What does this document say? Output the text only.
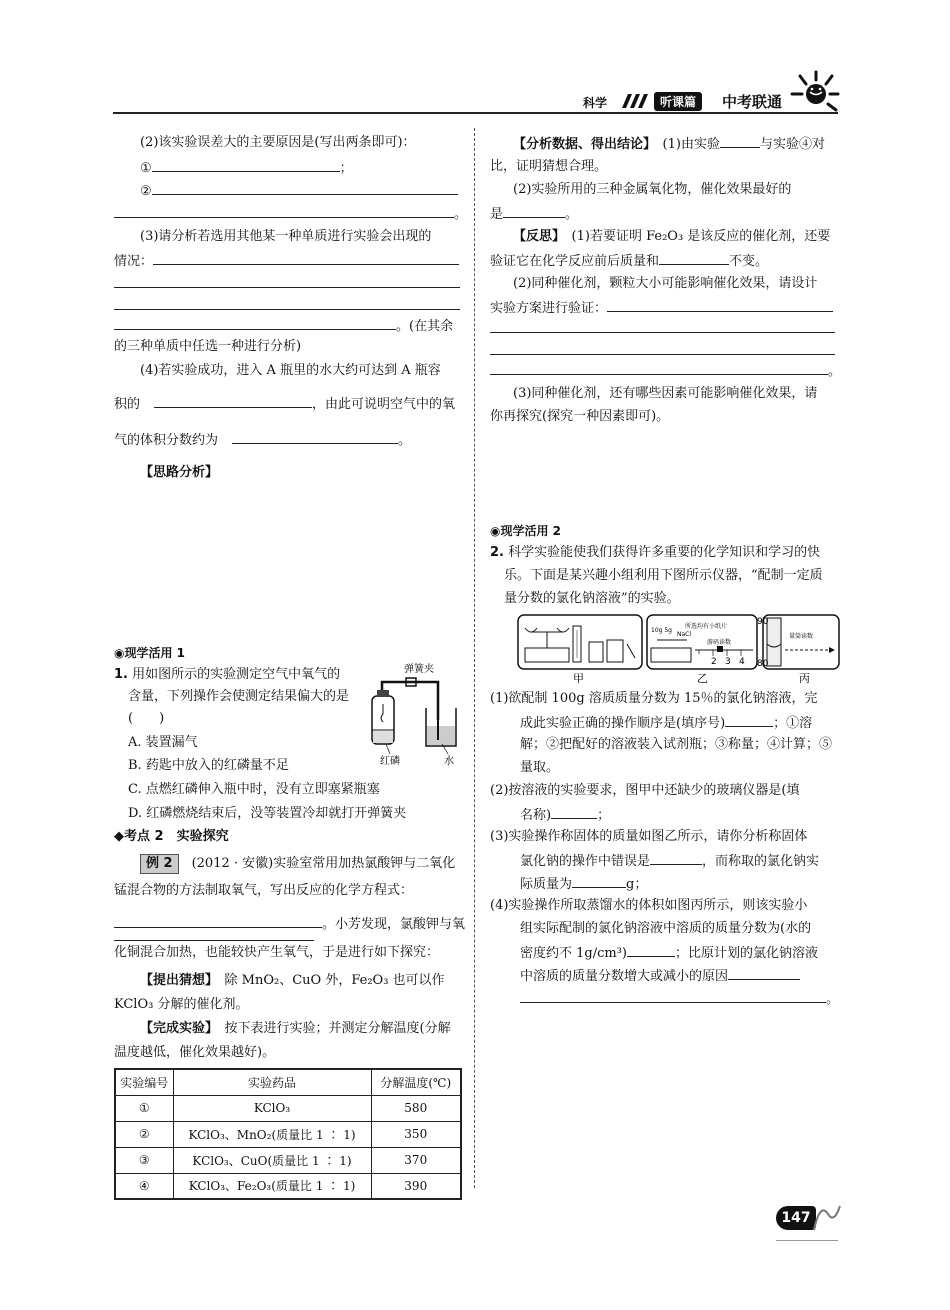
科学	听课篇	中考联通
(2)该实验误差大的主要原因是(写出两条即可)：
①	；
②
。
(3)请分析若选用其他某一种单质进行实验会出现的
情况：
。(在其余
的三种单质中任选一种进行分析)
(4)若实验成功，进入 A 瓶里的水大约可达到 A 瓶容
积的	，由此可说明空气中的氧
气的体积分数约为	。
【思路分析】
◉现学活用 1
1. 用如图所示的实验测定空气中氧气的
含量，下列操作会使测定结果偏大的是
(　　)
A. 装置漏气
B. 药匙中放入的红磷量不足
C. 点燃红磷伸入瓶中时，没有立即塞紧瓶塞
D. 红磷燃烧结束后，没等装置冷却就打开弹簧夹
弹簧夹
红磷	水
◆考点 2　实验探究
例 2　 (2012 · 安徽)实验室常用加热氯酸钾与二氧化
锰混合物的方法制取氧气，写出反应的化学方程式：
。小芳发现，氯酸钾与氧
化铜混合加热，也能较快产生氧气，于是进行如下探究：
【提出猜想】　 除 MnO₂、CuO 外，Fe₂O₃ 也可以作
KClO₃ 分解的催化剂。
【完成实验】　 按下表进行实验；并测定分解温度(分解
温度越低，催化效果越好)。
实验编号	实验药品	分解温度(℃)
①	KClO₃	580
②	KClO₃、MnO₂(质量比 1 ∶ 1)	350
③	KClO₃、CuO(质量比 1 ∶ 1)	370
④	KClO₃、Fe₂O₃(质量比 1 ∶ 1)	390
【分析数据、得出结论】　 (1)由实验	与实验④对
比，证明猜想合理。
(2)实验所用的三种金属氧化物，催化效果最好的
是	。
【反思】　 (1)若要证明 Fe₂O₃ 是该反应的催化剂，还要
验证它在化学反应前后质量和	不变。
(2)同种催化剂，颗粒大小可能影响催化效果，请设计
实验方案进行验证：
。
(3)同种催化剂，还有哪些因素可能影响催化效果，请
你再探究(探究一种因素即可)。
◉现学活用 2
2. 科学实验能使我们获得许多重要的化学知识和学习的快
乐。下面是某兴趣小组利用下图所示仪器，“配制一定质
量分数的氯化钠溶液”的实验。
甲
10g 5g
所选均有小纸片
NaCl
游码读数
2 3 4
乙
90
80
量筒读数
丙
(1)欲配制 100g 溶质质量分数为 15％的氯化钠溶液，完
成此实验正确的操作顺序是(填序号)	；①溶
解；②把配好的溶液装入试剂瓶；③称量；④计算；⑤
量取。
(2)按溶液的实验要求，图甲中还缺少的玻璃仪器是(填
名称)	；
(3)实验操作称固体的质量如图乙所示，请你分析称固体
氯化钠的操作中错误是	，而称取的氯化钠实
际质量为	g；
(4)实验操作所取蒸馏水的体积如图丙所示，则该实验小
组实际配制的氯化钠溶液中溶质的质量分数为(水的
密度约不 1g/cm³)	；比原计划的氯化钠溶液
中溶质的质量分数增大或减小的原因
。
147
